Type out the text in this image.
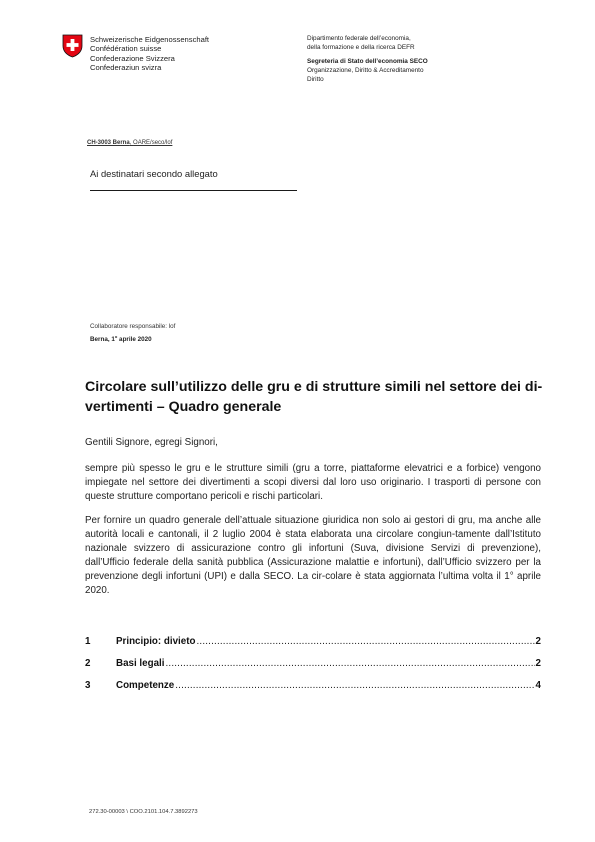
Schweizerische Eidgenossenschaft
Confédération suisse
Confederazione Svizzera
Confederaziun svizra
Dipartimento federale dell’economia,
della formazione e della ricerca DEFR
Segreteria di Stato dell’economia SECO
Organizzazione, Diritto & Accreditamento
Diritto
CH-3003 Berna, OARE/seco/lof
Ai destinatari secondo allegato
Collaboratore responsabile: lof
Berna, 1$^o$ aprile 2020
Circolare sull’utilizzo delle gru e di strutture simili nel settore dei di-vertimenti – Quadro generale
Gentili Signore, egregi Signori,
sempre più spesso le gru e le strutture simili (gru a torre, piattaforme elevatrici e a forbice) vengono impiegate nel settore dei divertimenti a scopi diversi dal loro uso originario. I trasporti di persone con queste strutture comportano pericoli e rischi particolari.
Per fornire un quadro generale dell’attuale situazione giuridica non solo ai gestori di gru, ma anche alle autorità locali e cantonali, il 2 luglio 2004 è stata elaborata una circolare congiun-tamente dall’Istituto nazionale svizzero di assicurazione contro gli infortuni (Suva, divisione Servizi di prevenzione), dall’Ufficio federale della sanità pubblica (Assicurazione malattie e infortuni), dall’Ufficio svizzero per la prevenzione degli infortuni (UPI) e dalla SECO. La cir-colare è stata aggiornata l’ultima volta il 1° aprile 2020.
1	Principio: divieto .....	2
2	Basi legali .....	2
3	Competenze .....	4
272.30-00003 \ COO.2101.104.7.3892273
